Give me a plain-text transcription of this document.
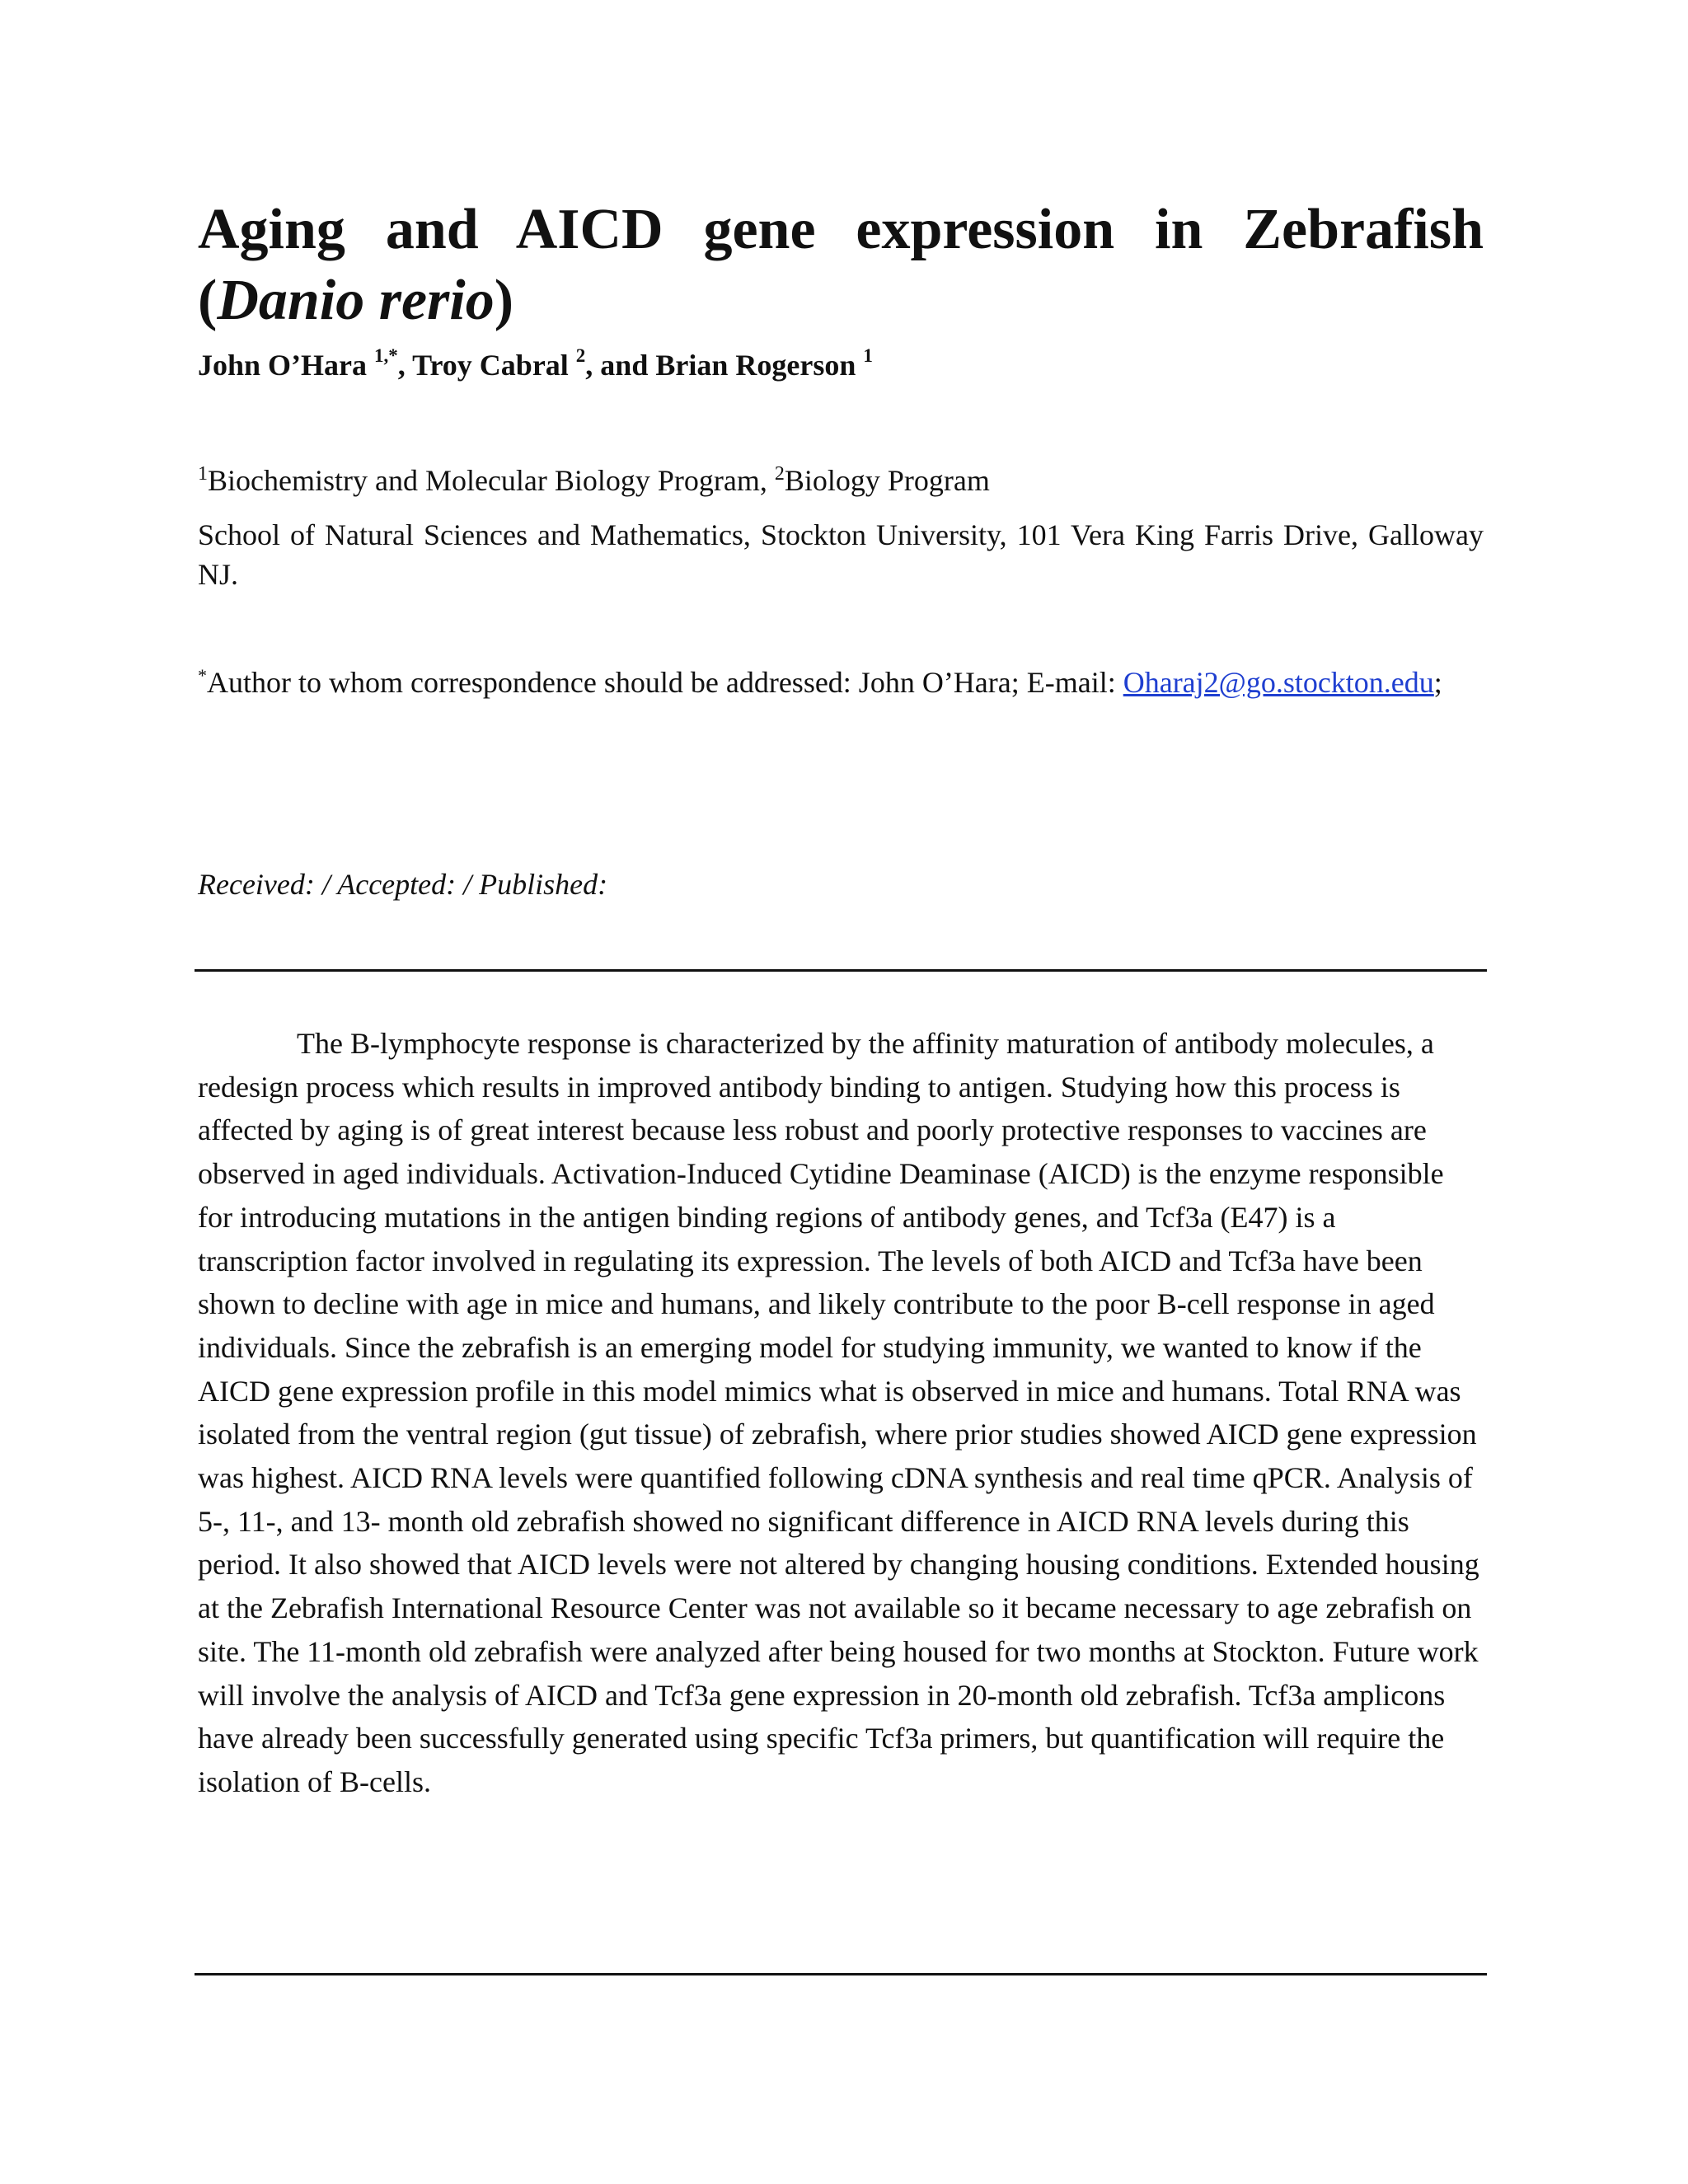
Aging and AICD gene expression in Zebrafish (Danio rerio)
John O’Hara $^{1,*}$, Troy Cabral $^2$, and Brian Rogerson $^1$
$^1$Biochemistry and Molecular Biology Program, $^2$Biology Program
School of Natural Sciences and Mathematics, Stockton University, 101 Vera King Farris Drive, Galloway NJ.
*Author to whom correspondence should be addressed: John O’Hara; E-mail: Oharaj2@go.stockton.edu;
Received: / Accepted: / Published:

The B-lymphocyte response is characterized by the affinity maturation of antibody molecules, a redesign process which results in improved antibody binding to antigen. Studying how this process is affected by aging is of great interest because less robust and poorly protective responses to vaccines are observed in aged individuals. Activation-Induced Cytidine Deaminase (AICD) is the enzyme responsible for introducing mutations in the antigen binding regions of antibody genes, and Tcf3a (E47) is a transcription factor involved in regulating its expression. The levels of both AICD and Tcf3a have been shown to decline with age in mice and humans, and likely contribute to the poor B-cell response in aged individuals. Since the zebrafish is an emerging model for studying immunity, we wanted to know if the AICD gene expression profile in this model mimics what is observed in mice and humans. Total RNA was isolated from the ventral region (gut tissue) of zebrafish, where prior studies showed AICD gene expression was highest. AICD RNA levels were quantified following cDNA synthesis and real time qPCR. Analysis of 5-, 11-, and 13- month old zebrafish showed no significant difference in AICD RNA levels during this period. It also showed that AICD levels were not altered by changing housing conditions. Extended housing at the Zebrafish International Resource Center was not available so it became necessary to age zebrafish on site. The 11-month old zebrafish were analyzed after being housed for two months at Stockton. Future work will involve the analysis of AICD and Tcf3a gene expression in 20-month old zebrafish. Tcf3a amplicons have already been successfully generated using specific Tcf3a primers, but quantification will require the isolation of B-cells.
